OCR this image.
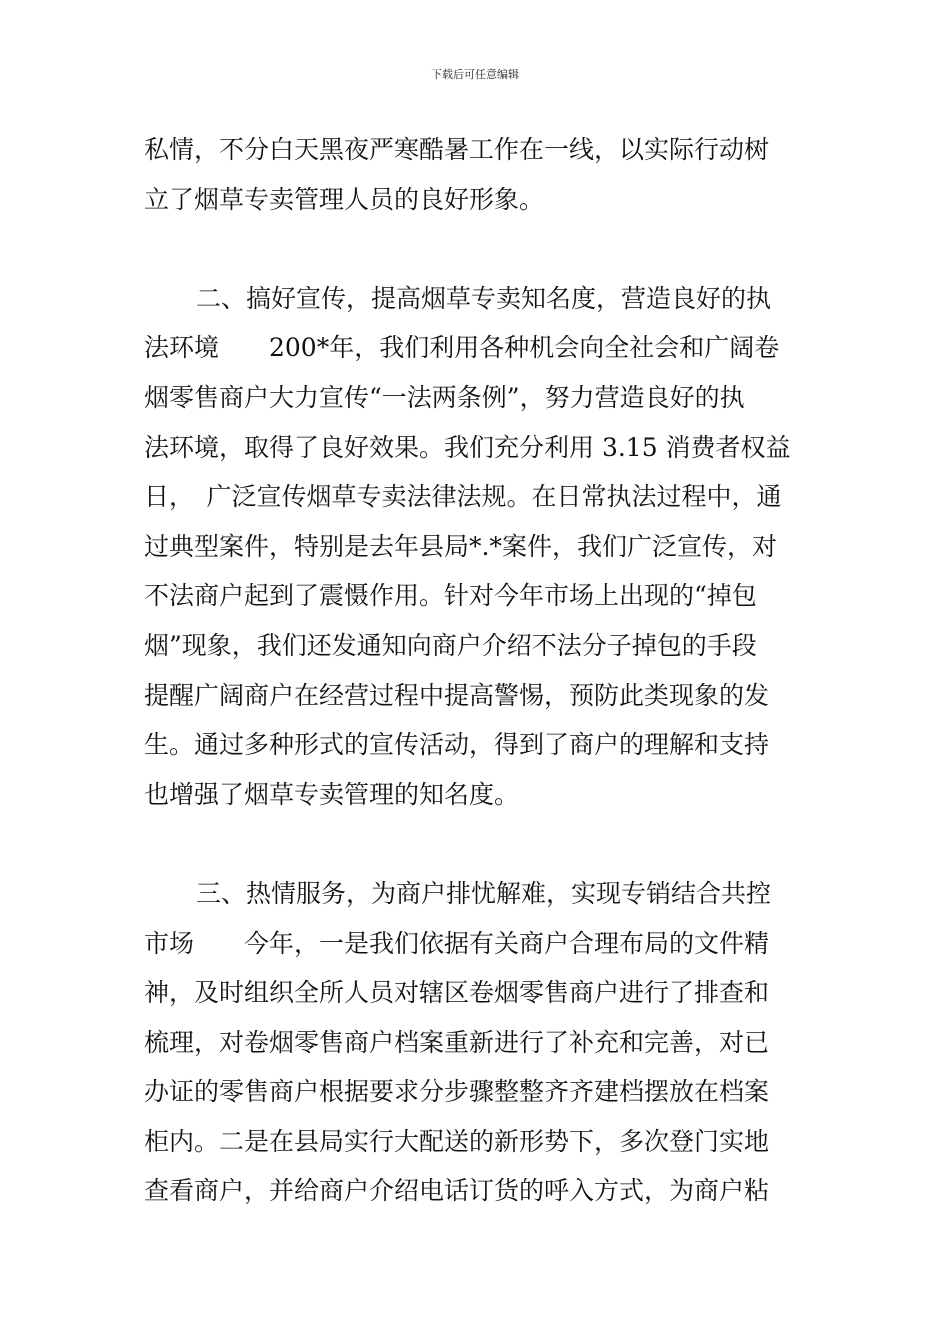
下载后可任意编辑
私情，不分白天黑夜严寒酷暑工作在一线，以实际行动树
立了烟草专卖管理人员的良好形象。
二、搞好宣传，提高烟草专卖知名度，营造良好的执
法环境　　200*年，我们利用各种机会向全社会和广阔卷
烟零售商户大力宣传“一法两条例”，努力营造良好的执
法环境，取得了良好效果。我们充分利用 3.15 消费者权益
日，　广泛宣传烟草专卖法律法规。在日常执法过程中，通
过典型案件，特别是去年县局*.*案件，我们广泛宣传，对
不法商户起到了震慑作用。针对今年市场上出现的“掉包
烟”现象，我们还发通知向商户介绍不法分子掉包的手段
提醒广阔商户在经营过程中提高警惕，预防此类现象的发
生。通过多种形式的宣传活动，得到了商户的理解和支持
也增强了烟草专卖管理的知名度。
三、热情服务，为商户排忧解难，实现专销结合共控
市场　　今年，一是我们依据有关商户合理布局的文件精
神，及时组织全所人员对辖区卷烟零售商户进行了排查和
梳理，对卷烟零售商户档案重新进行了补充和完善，对已
办证的零售商户根据要求分步骤整整齐齐建档摆放在档案
柜内。二是在县局实行大配送的新形势下，多次登门实地
查看商户，并给商户介绍电话订货的呼入方式，为商户粘
